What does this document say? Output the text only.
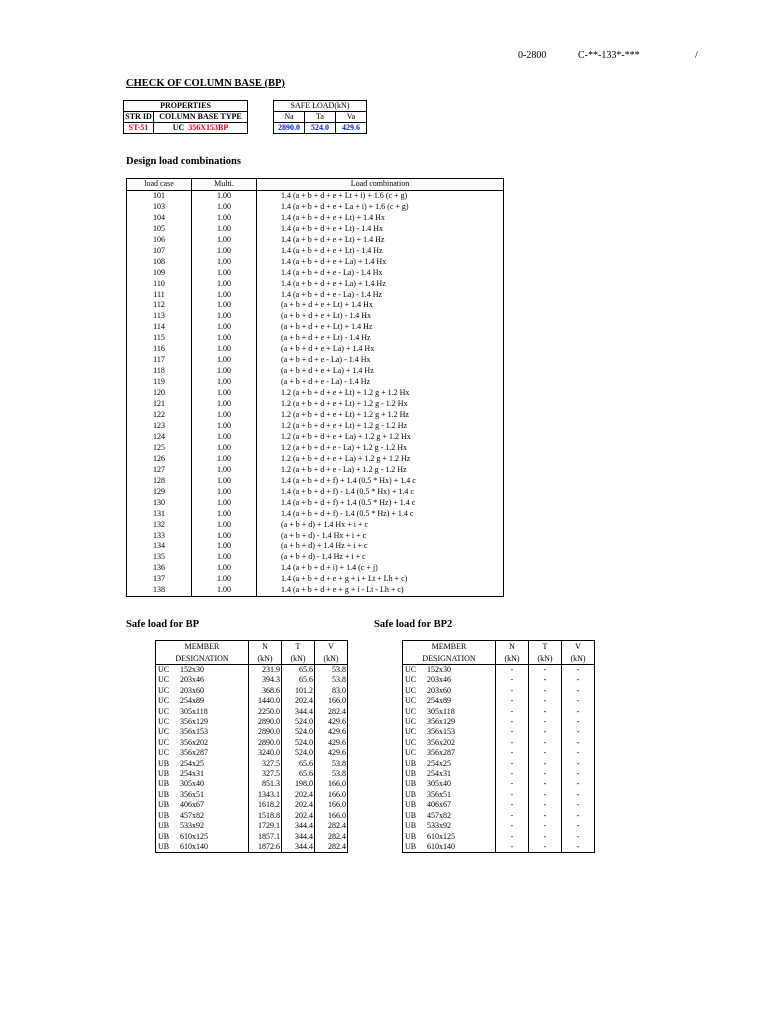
0-2800	C-**-133*-***	/
CHECK OF COLUMN BASE (BP)
PROPERTIES	
STR ID	COLUMN BASE TYPE
ST-51	UC 356X153BP
SAFE LOAD(kN)		
Na	Ta	Va
2890.0	524.0	429.6
Design load combinations
load case	Multi.	Load combination
101	1.00	1.4 (a + b + d + e + Lt + i) + 1.6 (c + g)
103	1.00	1.4 (a + b + d + e + La + i) + 1.6 (c + g)
104	1.00	1.4 (a + b + d + e + Lt) + 1.4 Hx
105	1.00	1.4 (a + b + d + e + Lt) - 1.4 Hx
106	1.00	1.4 (a + b + d + e + Lt) + 1.4 Hz
107	1.00	1.4 (a + b + d + e + Lt) - 1.4 Hz
108	1.00	1.4 (a + b + d + e + La) + 1.4 Hx
109	1.00	1.4 (a + b + d + e - La) - 1.4 Hx
110	1.00	1.4 (a + b + d + e + La) + 1.4 Hz
111	1.00	1.4 (a + b + d + e - La) - 1.4 Hz
112	1.00	(a + b + d + e + Lt) + 1.4 Hx
113	1.00	(a + b + d + e + Lt) - 1.4 Hx
114	1.00	(a + b + d + e + Lt) + 1.4 Hz
115	1.00	(a + b + d + e + Lt) - 1.4 Hz
116	1.00	(a + b + d + e + La) + 1.4 Hx
117	1.00	(a + b + d + e - La) - 1.4 Hx
118	1.00	(a + b + d + e + La) + 1.4 Hz
119	1.00	(a + b + d + e - La) - 1.4 Hz
120	1.00	1.2 (a + b + d + e + Lt) + 1.2 g + 1.2 Hx
121	1.00	1.2 (a + b + d + e + Lt) + 1.2 g - 1.2 Hx
122	1.00	1.2 (a + b + d + e + Lt) + 1.2 g + 1.2 Hz
123	1.00	1.2 (a + b + d + e + Lt) + 1.2 g - 1.2 Hz
124	1.00	1.2 (a + b + d + e + La) + 1.2 g + 1.2 Hx
125	1.00	1.2 (a + b + d + e - La) + 1.2 g - 1.2 Hx
126	1.00	1.2 (a + b + d + e + La) + 1.2 g + 1.2 Hz
127	1.00	1.2 (a + b + d + e - La) + 1.2 g - 1.2 Hz
128	1.00	1.4 (a + b + d + f) + 1.4 (0.5 * Hx) + 1.4 c
129	1.00	1.4 (a + b + d + f) - 1.4 (0.5 * Hx) + 1.4 c
130	1.00	1.4 (a + b + d + f) + 1.4 (0.5 * Hz) + 1.4 c
131	1.00	1.4 (a + b + d + f) - 1.4 (0.5 * Hz) + 1.4 c
132	1.00	(a + b + d) + 1.4 Hx + i + c
133	1.00	(a + b + d) - 1.4 Hx + i + c
134	1.00	(a + b + d) + 1.4 Hz + i + c
135	1.00	(a + b + d) - 1.4 Hz + i + c
136	1.00	1.4 (a + b + d + i) + 1.4 (c + j)
137	1.00	1.4 (a + b + d + e + g + i + Lt + Lh + c)
138	1.00	1.4 (a + b + d + e + g + i - Lt - Lh + c)
Safe load for BP	Safe load for BP2
MEMBER	N	T	V
DESIGNATION	(kN)	(kN)	(kN)
UC 152x30	231.9	65.6	53.8
UC 203x46	394.3	65.6	53.8
UC 203x60	368.6	101.2	83.0
UC 254x89	1440.0	202.4	166.0
UC 305x118	2250.0	344.4	282.4
UC 356x129	2890.0	524.0	429.6
UC 356x153	2890.0	524.0	429.6
UC 356x202	2890.0	524.0	429.6
UC 356x287	3240.0	524.0	429.6
UB 254x25	327.5	65.6	53.8
UB 254x31	327.5	65.6	53.8
UB 305x40	851.3	198.0	166.0
UB 356x51	1343.1	202.4	166.0
UB 406x67	1618.2	202.4	166.0
UB 457x82	1518.8	202.4	166.0
UB 533x92	1729.1	344.4	282.4
UB 610x125	1857.1	344.4	282.4
UB 610x140	1872.6	344.4	282.4
MEMBER	N	T	V
DESIGNATION	(kN)	(kN)	(kN)
UC 152x30	-	-	-
UC 203x46	-	-	-
UC 203x60	-	-	-
UC 254x89	-	-	-
UC 305x118	-	-	-
UC 356x129	-	-	-
UC 356x153	-	-	-
UC 356x202	-	-	-
UC 356x287	-	-	-
UB 254x25	-	-	-
UB 254x31	-	-	-
UB 305x40	-	-	-
UB 356x51	-	-	-
UB 406x67	-	-	-
UB 457x82	-	-	-
UB 533x92	-	-	-
UB 610x125	-	-	-
UB 610x140	-	-	-
